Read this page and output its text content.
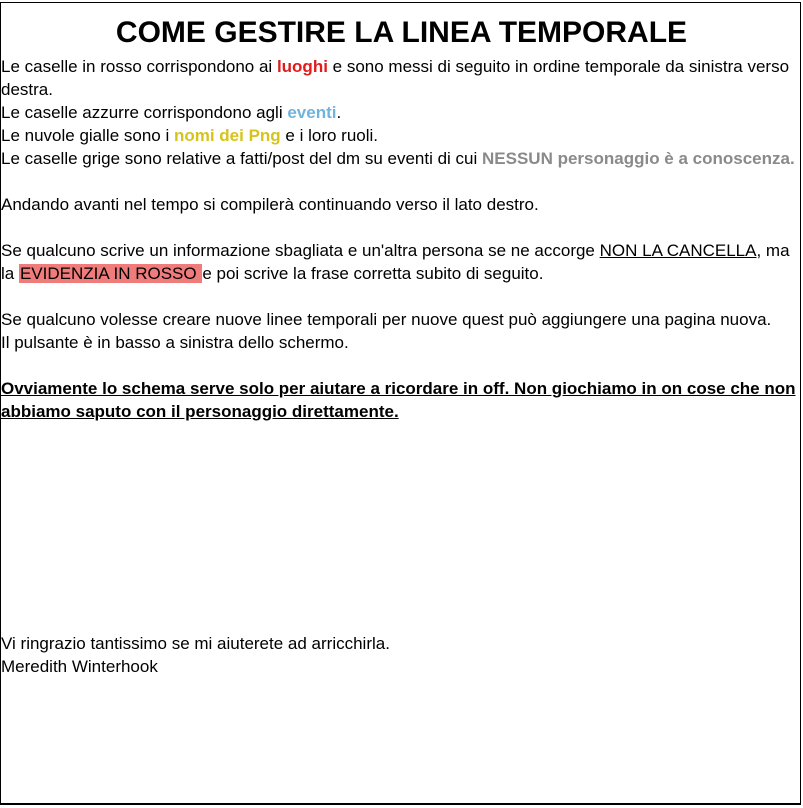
COME GESTIRE LA LINEA TEMPORALE

Le caselle in rosso corrispondono ai luoghi e sono messi di seguito in ordine temporale da sinistra verso destra.

Le caselle azzurre corrispondono agli eventi.

Le nuvole gialle sono i nomi dei Png e i loro ruoli.

Le caselle grige sono relative a fatti/post del dm su eventi di cui NESSUN personaggio è a conoscenza.

Andando avanti nel tempo si compilerà continuando verso il lato destro.

Se qualcuno scrive un informazione sbagliata e un'altra persona se ne accorge NON LA CANCELLA, ma la EVIDENZIA IN ROSSO e poi scrive la frase corretta subito di seguito.

Se qualcuno volesse creare nuove linee temporali per nuove quest può aggiungere una pagina nuova.

Il pulsante è in basso a sinistra dello schermo.

Ovviamente lo schema serve solo per aiutare a ricordare in off. Non giochiamo in on cose che non abbiamo saputo con il personaggio direttamente.

Vi ringrazio tantissimo se mi aiuterete ad arricchirla.

Meredith Winterhook
